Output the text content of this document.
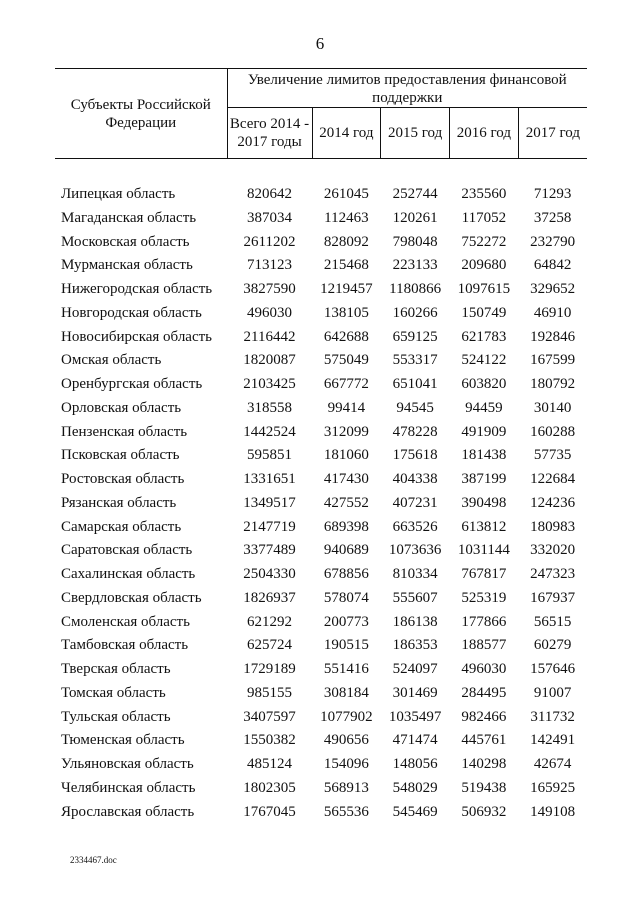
6
Субъекты Российской Федерации	Увеличение лимитов предоставления финансовой поддержки				
	Всего 2014 - 2017 годы	2014 год	2015 год	2016 год	2017 год

Липецкая область	820642	261045	252744	235560	71293
Магаданская область	387034	112463	120261	117052	37258
Московская область	2611202	828092	798048	752272	232790
Мурманская область	713123	215468	223133	209680	64842
Нижегородская область	3827590	1219457	1180866	1097615	329652
Новгородская область	496030	138105	160266	150749	46910
Новосибирская область	2116442	642688	659125	621783	192846
Омская область	1820087	575049	553317	524122	167599
Оренбургская область	2103425	667772	651041	603820	180792
Орловская область	318558	99414	94545	94459	30140
Пензенская область	1442524	312099	478228	491909	160288
Псковская область	595851	181060	175618	181438	57735
Ростовская область	1331651	417430	404338	387199	122684
Рязанская область	1349517	427552	407231	390498	124236
Самарская область	2147719	689398	663526	613812	180983
Саратовская область	3377489	940689	1073636	1031144	332020
Сахалинская область	2504330	678856	810334	767817	247323
Свердловская область	1826937	578074	555607	525319	167937
Смоленская область	621292	200773	186138	177866	56515
Тамбовская область	625724	190515	186353	188577	60279
Тверская область	1729189	551416	524097	496030	157646
Томская область	985155	308184	301469	284495	91007
Тульская область	3407597	1077902	1035497	982466	311732
Тюменская область	1550382	490656	471474	445761	142491
Ульяновская область	485124	154096	148056	140298	42674
Челябинская область	1802305	568913	548029	519438	165925
Ярославская область	1767045	565536	545469	506932	149108
2334467.doc
